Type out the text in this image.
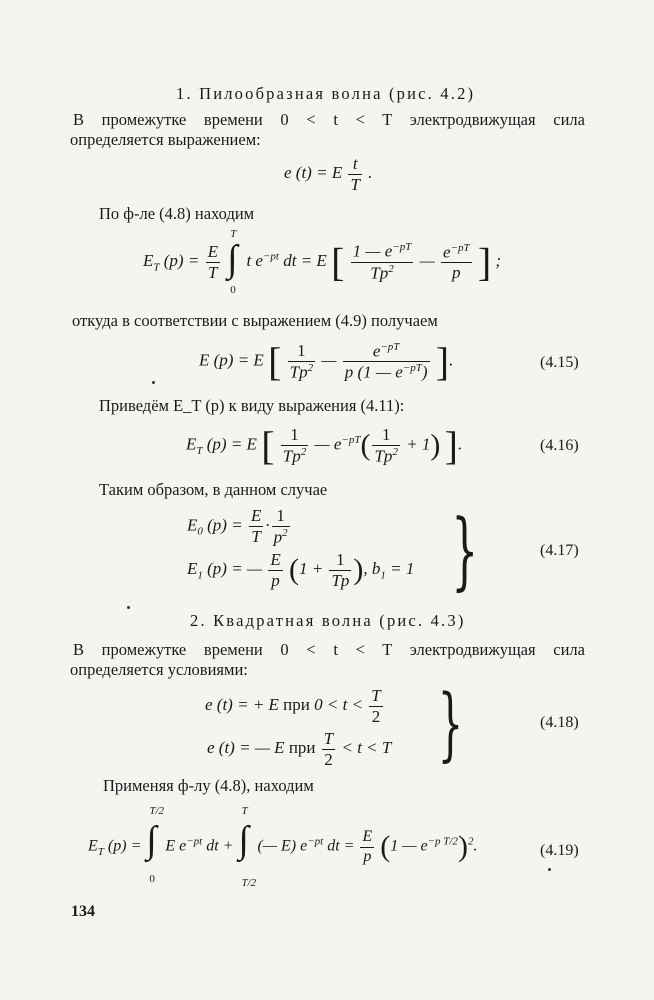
1. Пилообразная волна (рис. 4.2)
В промежутке времени 0 < t < T электродвижущая сила
определяется выражением:
e (t) = E $\frac{t}{T}$ .
По ф-ле (4.8) находим
$E_T$ $(p) = \frac{E}{T}$

T
∫
0
t $e^{-pt}$ dt = E [ $\frac{1 — e^{-pT}}{Tp^2}$ — $\frac{e^{-pT}}{p}$ ] ;
откуда в соответствии с выражением (4.9) получаем
E (p) = E [ $\frac{1}{Tp^2}$ — $\frac{e^{-pT}}{p (1 — e^{-pT})}$ ].	(4.15)
Приведём E_T (p) к виду выражения (4.11):
$E_T$ (p) = E [ $\frac{1}{Tp^2}$ — $e^{-pT}( \frac{1}{Tp^2} + 1)$ ].	(4.16)
Таким образом, в данном случае
$E_0$ $(p) = \frac{E}{T} \cdot \frac{1}{p^2}$
$E_1$ (p) = — $\frac{E}{p} (1 + \frac{1}{Tp}$ ), $b_1 = 1$ }	(4.17)
2. Квадратная волна (рис. 4.3)
В промежутке времени 0 < t < T электродвижущая сила
определяется условиями:
e (t) = + E при $0 < t < \frac{T}{2}$
e (t) = — E при $\frac{T}{2} < t < T$ }	(4.18)
Применяя ф-лу (4.8), находим
$E_T$ (p) =
T/2
∫
0
E $e^{-pt}$ dt +
T
∫
T/2
(— E) $e^{-pt}$ dt = $\frac{E}{p} (1$ — $e^{-p T/2})^2$.	(4.19)
134
